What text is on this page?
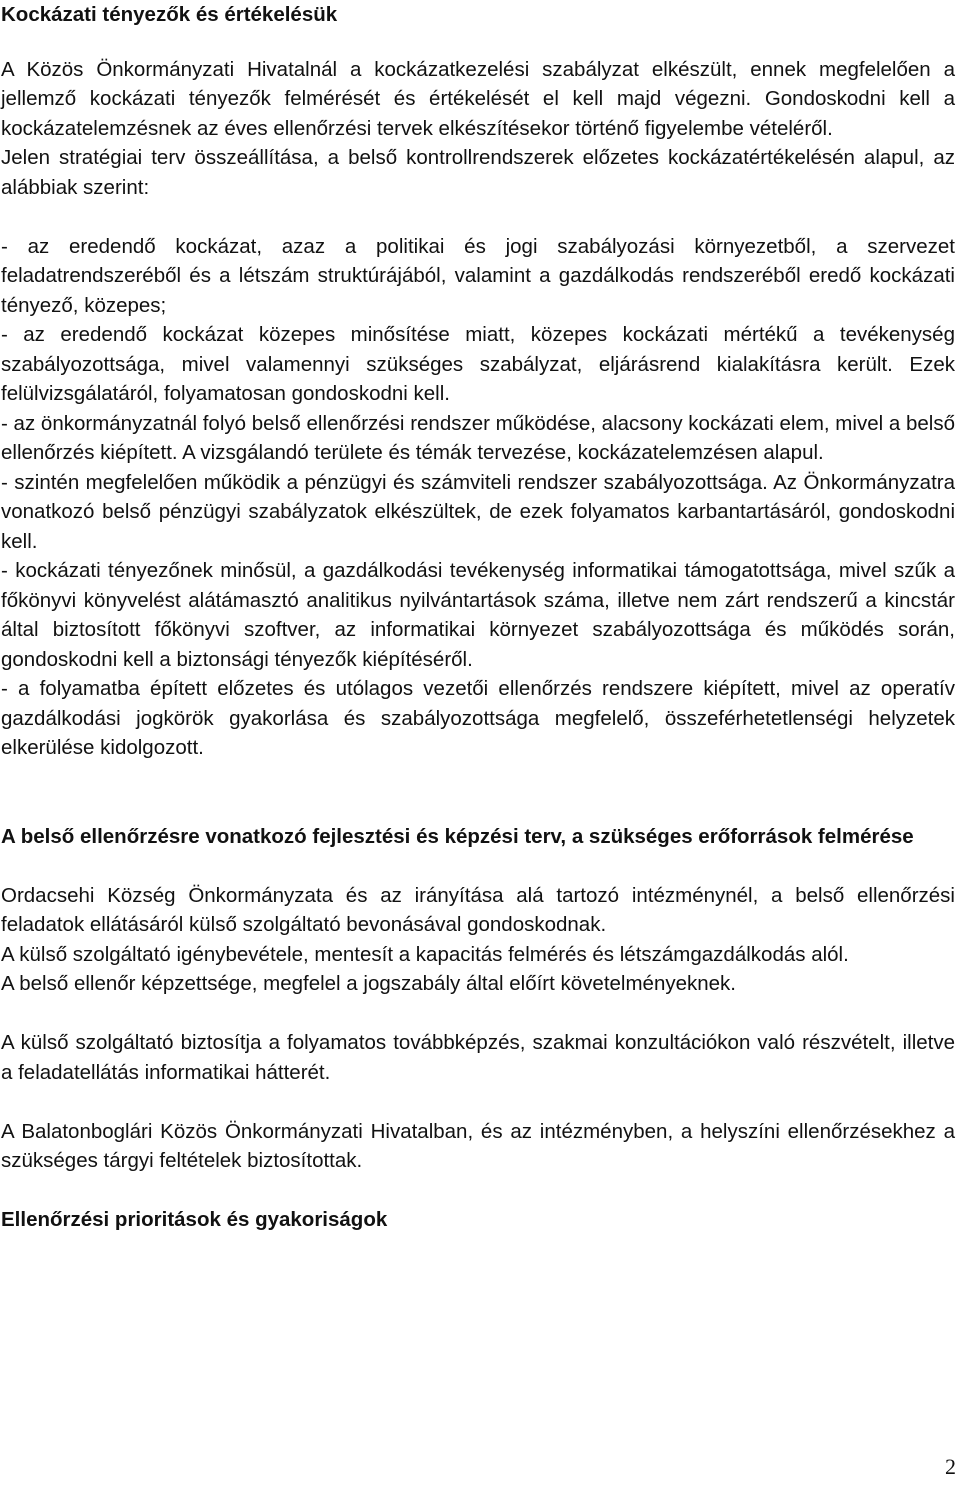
Kockázati tényezők és értékelésük

A Közös Önkormányzati Hivatalnál a kockázatkezelési szabályzat elkészült, ennek megfelelően a jellemző kockázati tényezők felmérését és értékelését el kell majd végezni. Gondoskodni kell a kockázatelemzésnek az éves ellenőrzési tervek elkészítésekor történő figyelembe vételéről.

Jelen stratégiai terv összeállítása, a belső kontrollrendszerek előzetes kockázatértékelésén alapul, az alábbiak szerint:

- az eredendő kockázat, azaz a politikai és jogi szabályozási környezetből, a szervezet feladatrendszeréből és a létszám struktúrájából, valamint a gazdálkodás rendszeréből eredő kockázati tényező, közepes;

- az eredendő kockázat közepes minősítése miatt, közepes kockázati mértékű a tevékenység szabályozottsága, mivel valamennyi szükséges szabályzat, eljárásrend kialakításra került. Ezek felülvizsgálatáról, folyamatosan gondoskodni kell.

- az önkormányzatnál folyó belső ellenőrzési rendszer működése, alacsony kockázati elem, mivel a belső ellenőrzés kiépített. A vizsgálandó területe és témák tervezése, kockázatelemzésen alapul.

- szintén megfelelően működik a pénzügyi és számviteli rendszer szabályozottsága. Az Önkormányzatra vonatkozó belső pénzügyi szabályzatok elkészültek, de ezek folyamatos karbantartásáról, gondoskodni kell.

- kockázati tényezőnek minősül, a gazdálkodási tevékenység informatikai támogatottsága, mivel szűk a főkönyvi könyvelést alátámasztó analitikus nyilvántartások száma, illetve nem zárt rendszerű a kincstár által biztosított főkönyvi szoftver, az informatikai környezet szabályozottsága és működés során, gondoskodni kell a biztonsági tényezők kiépítéséről.

- a folyamatba épített előzetes és utólagos vezetői ellenőrzés rendszere kiépített, mivel az operatív gazdálkodási jogkörök gyakorlása és szabályozottsága megfelelő, összeférhetetlenségi helyzetek elkerülése kidolgozott.

A belső ellenőrzésre vonatkozó fejlesztési és képzési terv, a szükséges erőforrások felmérése

Ordacsehi Község Önkormányzata és az irányítása alá tartozó intézménynél, a belső ellenőrzési feladatok ellátásáról külső szolgáltató bevonásával gondoskodnak.

A külső szolgáltató igénybevétele, mentesít a kapacitás felmérés és létszámgazdálkodás alól.

A belső ellenőr képzettsége, megfelel a jogszabály által előírt követelményeknek.

A külső szolgáltató biztosítja a folyamatos továbbképzés, szakmai konzultációkon való részvételt, illetve a feladatellátás informatikai hátterét.

A Balatonboglári Közös Önkormányzati Hivatalban, és az intézményben, a helyszíni ellenőrzésekhez a szükséges tárgyi feltételek biztosítottak.

Ellenőrzési prioritások és gyakoriságok
2
